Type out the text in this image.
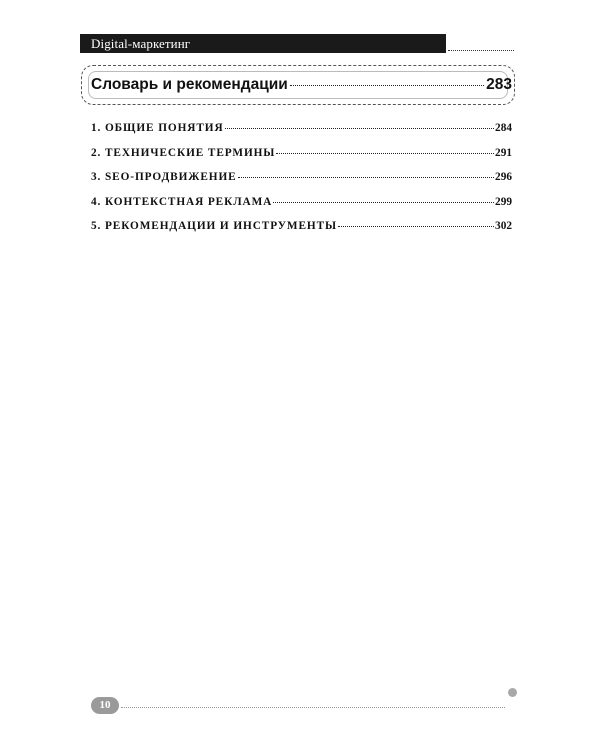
Digital-маркетинг
Словарь и рекомендации	283
1. ОБЩИЕ ПОНЯТИЯ	284
2. ТЕХНИЧЕСКИЕ ТЕРМИНЫ	291
3. SEO-ПРОДВИЖЕНИЕ	296
4. КОНТЕКСТНАЯ РЕКЛАМА	299
5. РЕКОМЕНДАЦИИ И ИНСТРУМЕНТЫ	302
10
